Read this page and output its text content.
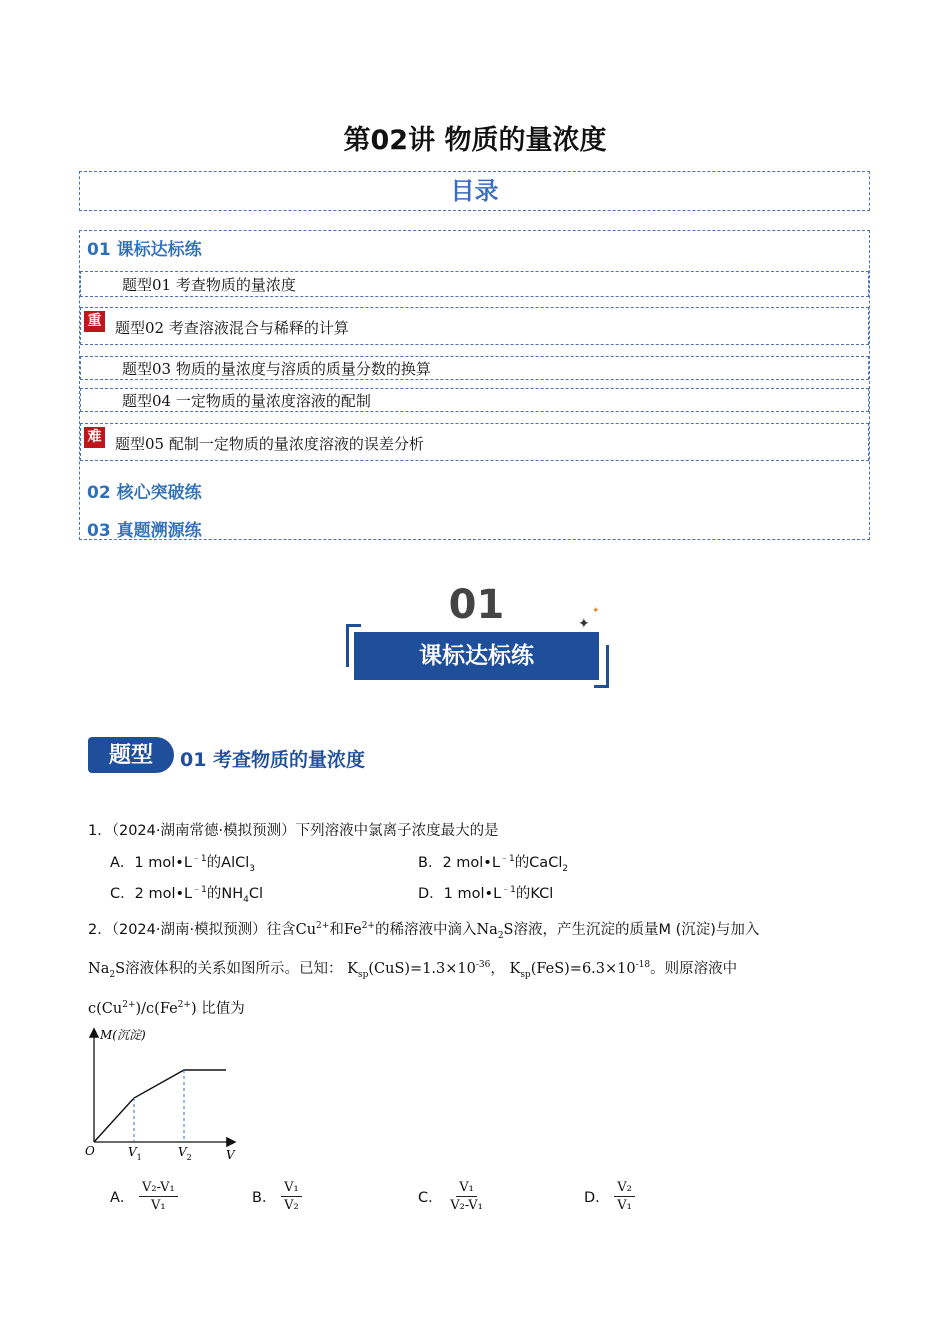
第02讲 物质的量浓度
目录
01 课标达标练
题型01 考查物质的量浓度
重 题型02 考查溶液混合与稀释的计算
题型03 物质的量浓度与溶质的质量分数的换算
题型04 一定物质的量浓度溶液的配制
难 题型05 配制一定物质的量浓度溶液的误差分析
02 核心突破练
03 真题溯源练
01
课标达标练
✦
✦
题型	01 考查物质的量浓度
1．（2024·湖南常德·模拟预测）下列溶液中氯离子浓度最大的是
A．1 $mol•L^{﹣1}$的AlCl$_3$	B．2 $mol•L^{﹣1}$的CaCl$_2$
C．2 $mol•L^{﹣1}$的$NH_4Cl$	D．1 $mol•L^{﹣1}$的KCl
2．（2024·湖南·模拟预测）往含$Cu^{2+}$和$Fe^{2+}$的稀溶液中滴入$Na_2S$溶液，产生沉淀的质量M (沉淀)与加入
$Na_2S$溶液体积的关系如图所示。已知： $K_{sp}(CuS)=1.3\times 10^{-36}$， $K_{sp}(FeS)=6.3\times 10^{-18}$。则原溶液中
$c(Cu^{2+})/c(Fe^{2+})$ 比值为
M(沉淀)
O	$V_1$	$V_2$	V
A． $\frac{\text{V₂-V₁}}{\text{V₁}}$	B． $\frac{\text{V₁}}{\text{V₂}}$	C． $\frac{\text{V₁}}{\text{V₂-V₁}}$	D． $\frac{\text{V₂}}{\text{V₁}}$
